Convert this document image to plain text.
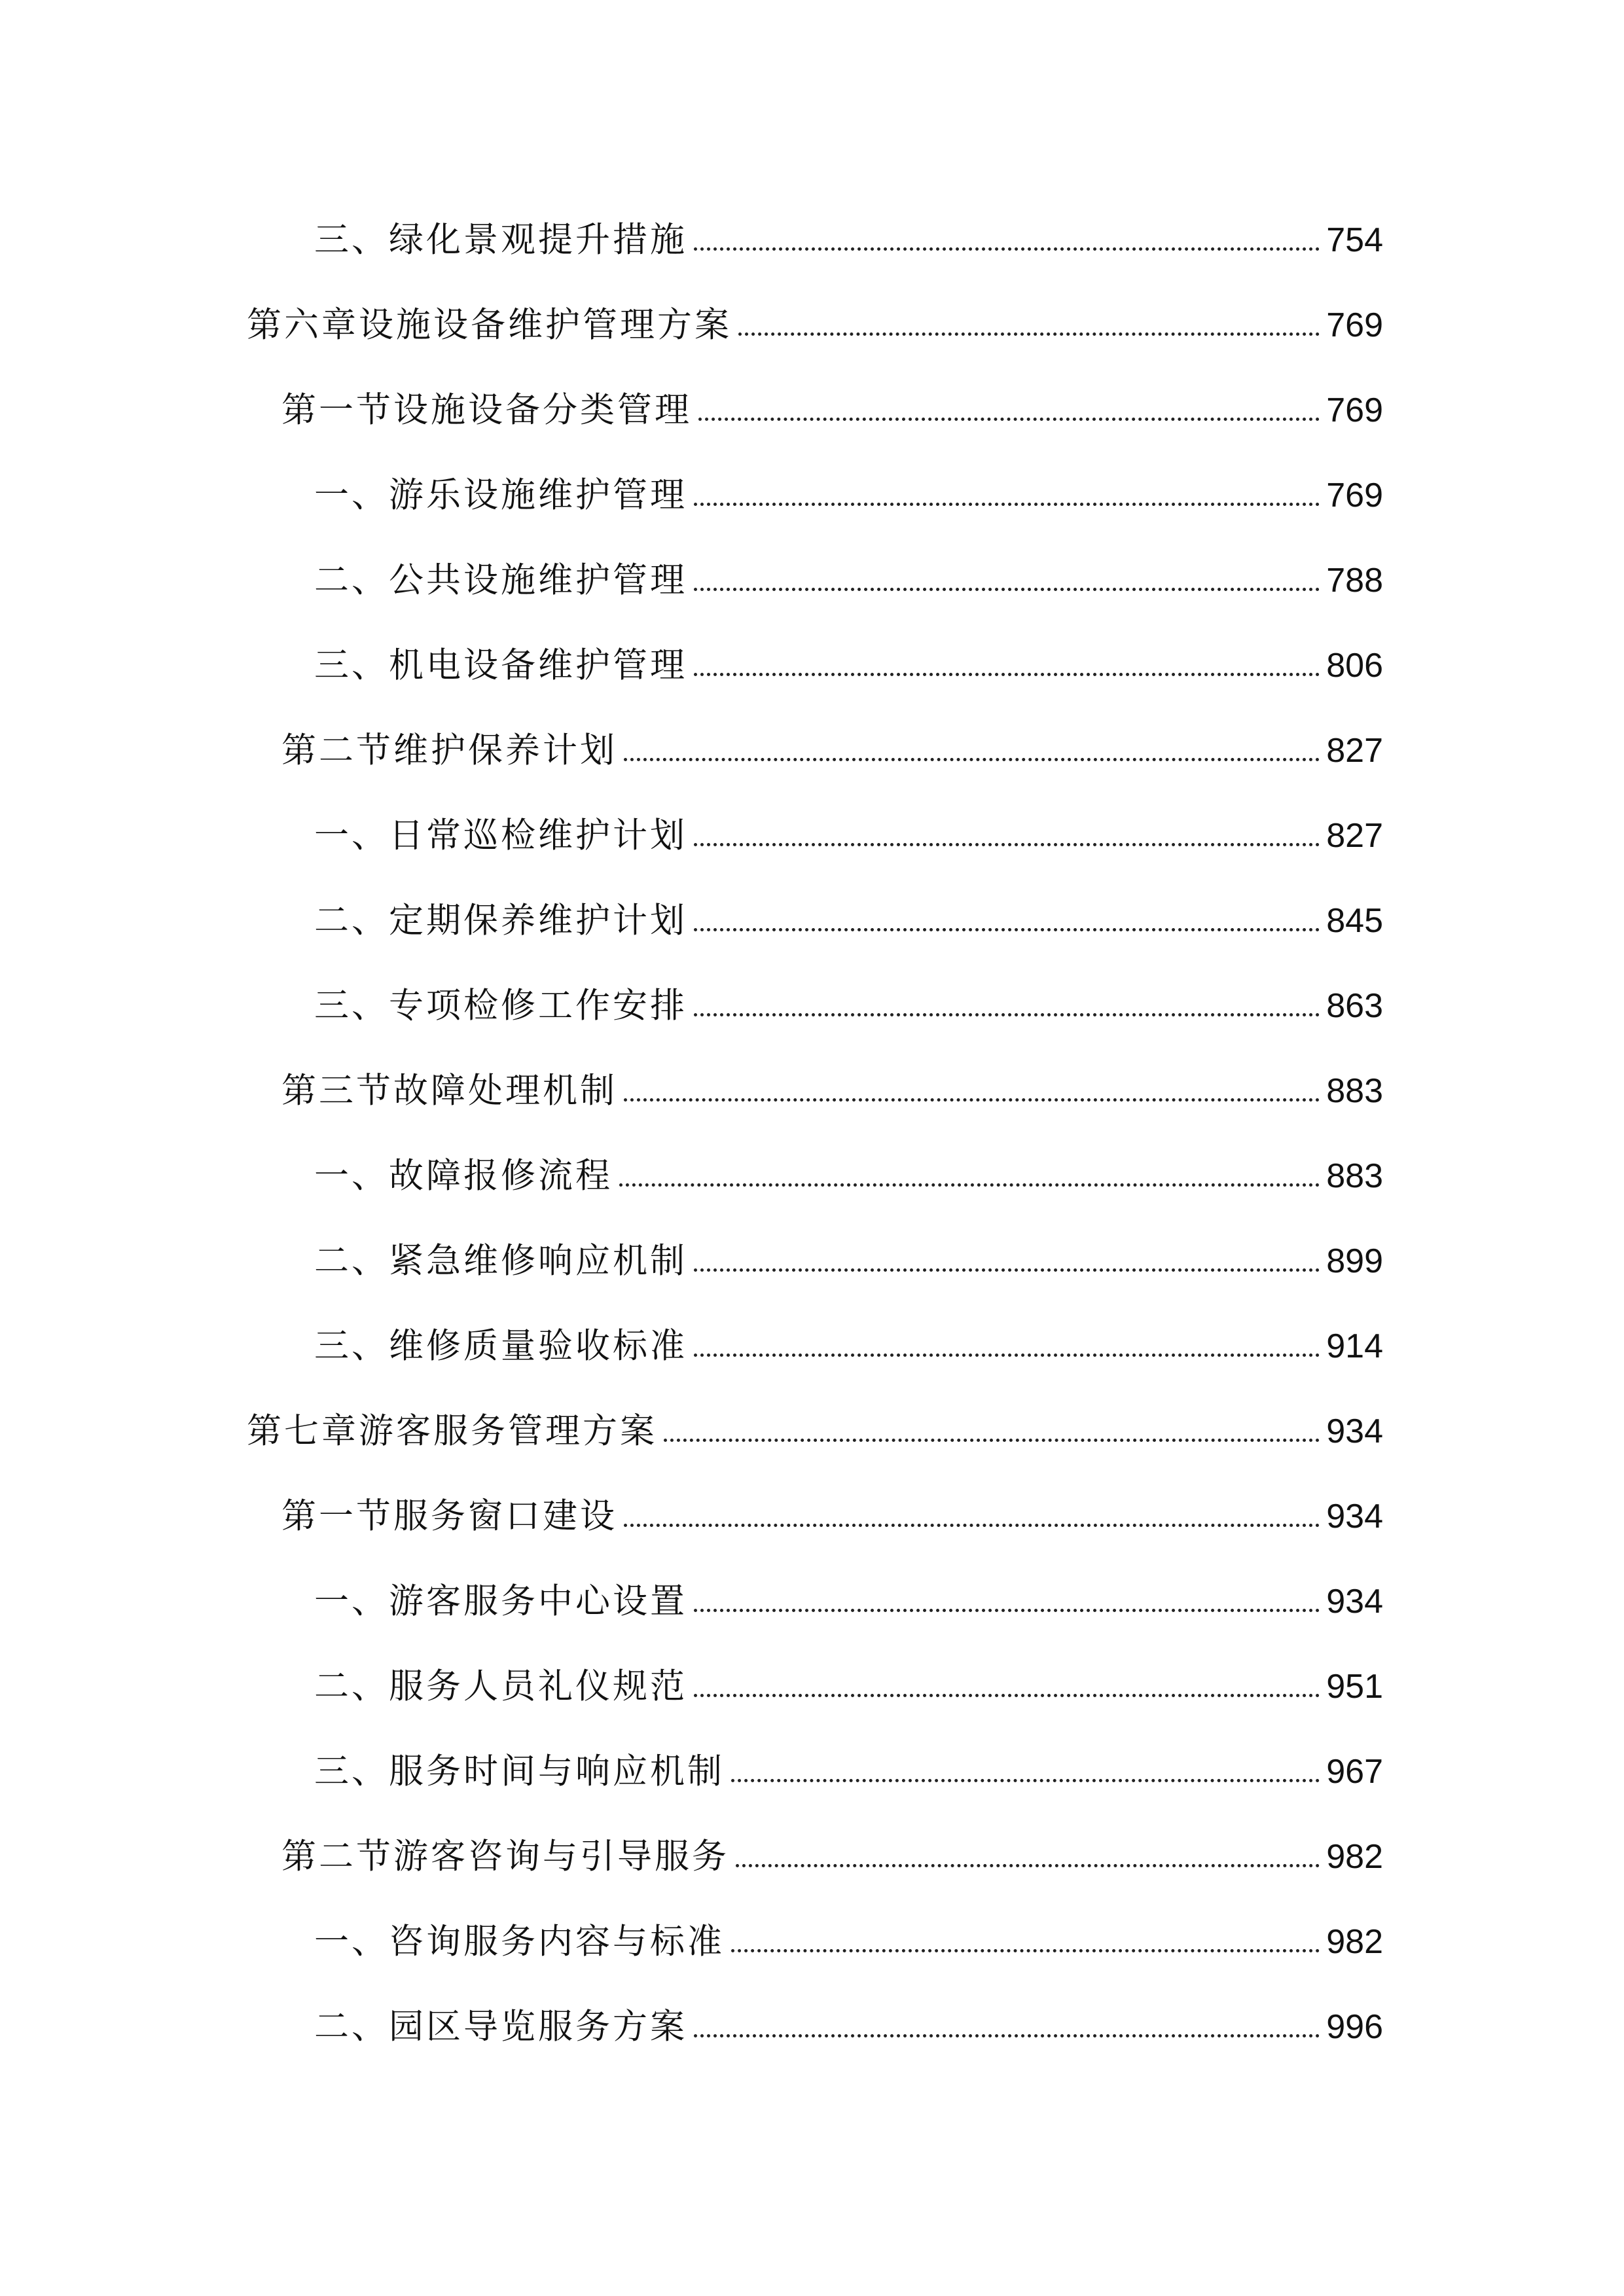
三、绿化景观提升措施	754
第六章设施设备维护管理方案	769
第一节设施设备分类管理	769
一、游乐设施维护管理	769
二、公共设施维护管理	788
三、机电设备维护管理	806
第二节维护保养计划	827
一、日常巡检维护计划	827
二、定期保养维护计划	845
三、专项检修工作安排	863
第三节故障处理机制	883
一、故障报修流程	883
二、紧急维修响应机制	899
三、维修质量验收标准	914
第七章游客服务管理方案	934
第一节服务窗口建设	934
一、游客服务中心设置	934
二、服务人员礼仪规范	951
三、服务时间与响应机制	967
第二节游客咨询与引导服务	982
一、咨询服务内容与标准	982
二、园区导览服务方案	996
